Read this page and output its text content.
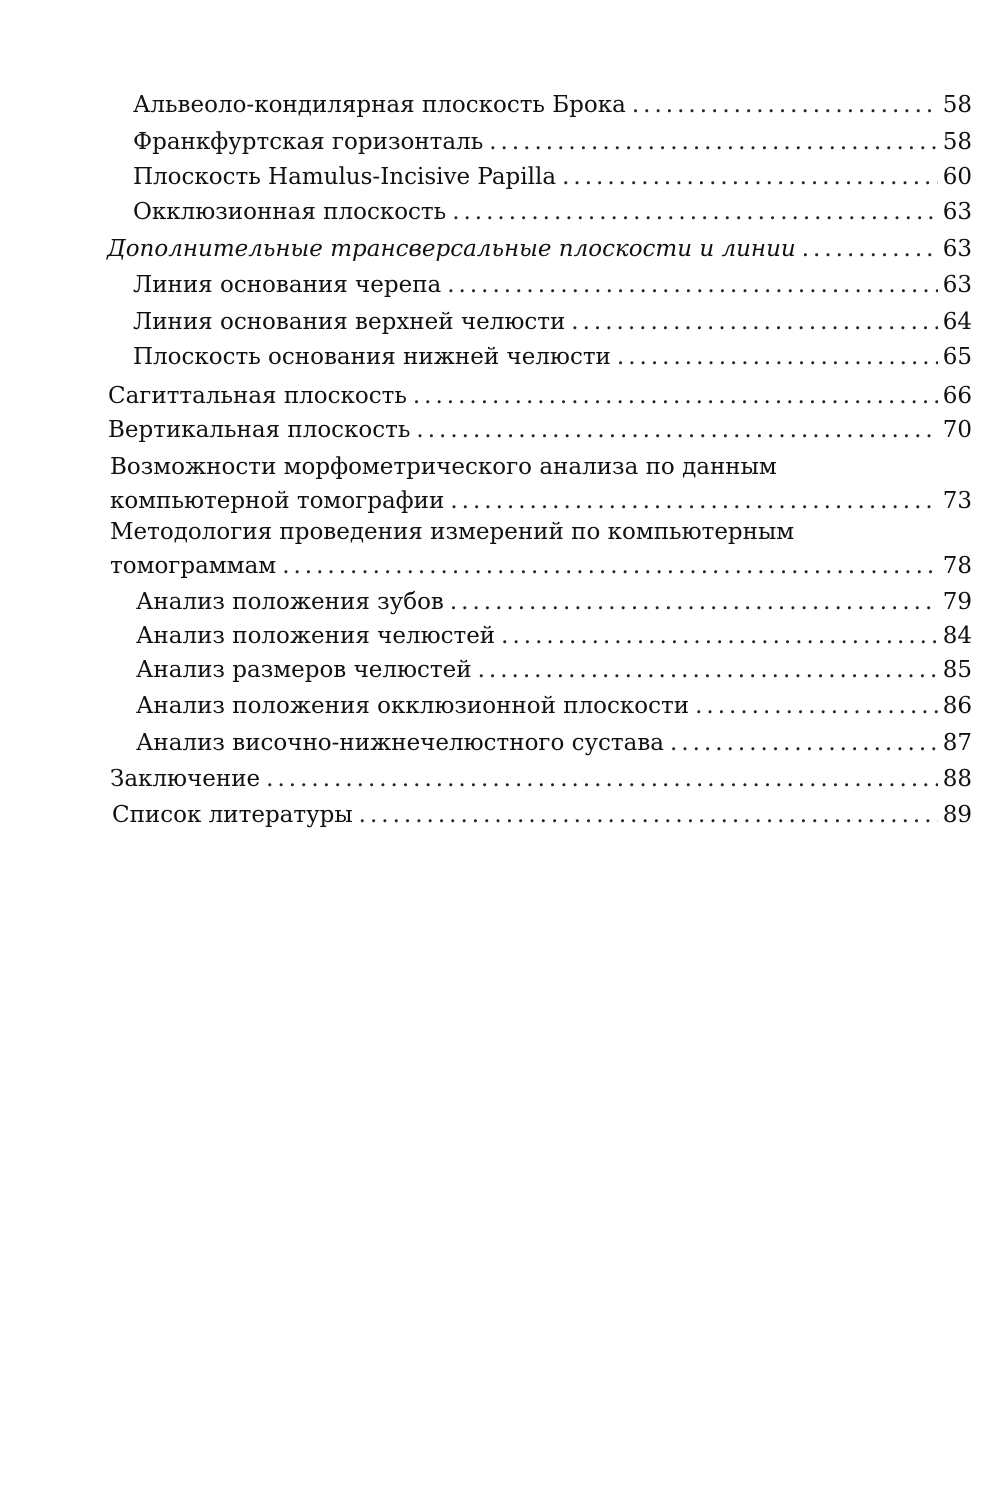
Альвеоло-кондилярная плоскость Брока .....	58
Франкфуртская горизонталь .....	58
Плоскость Hamulus-Incisive Papilla .....	60
Окклюзионная плоскость .....	63
Дополнительные трансверсальные плоскости и линии .....	63
Линия основания черепа .....	63
Линия основания верхней челюсти .....	64
Плоскость основания нижней челюсти .....	65
Сагиттальная плоскость .....	66
Вертикальная плоскость .....	70
Возможности морфометрического анализа по данным
компьютерной томографии .....	73
Методология проведения измерений по компьютерным
томограммам .....	78
Анализ положения зубов .....	79
Анализ положения челюстей .....	84
Анализ размеров челюстей .....	85
Анализ положения окклюзионной плоскости .....	86
Анализ височно-нижнечелюстного сустава .....	87
Заключение .....	88
Список литературы .....	89
